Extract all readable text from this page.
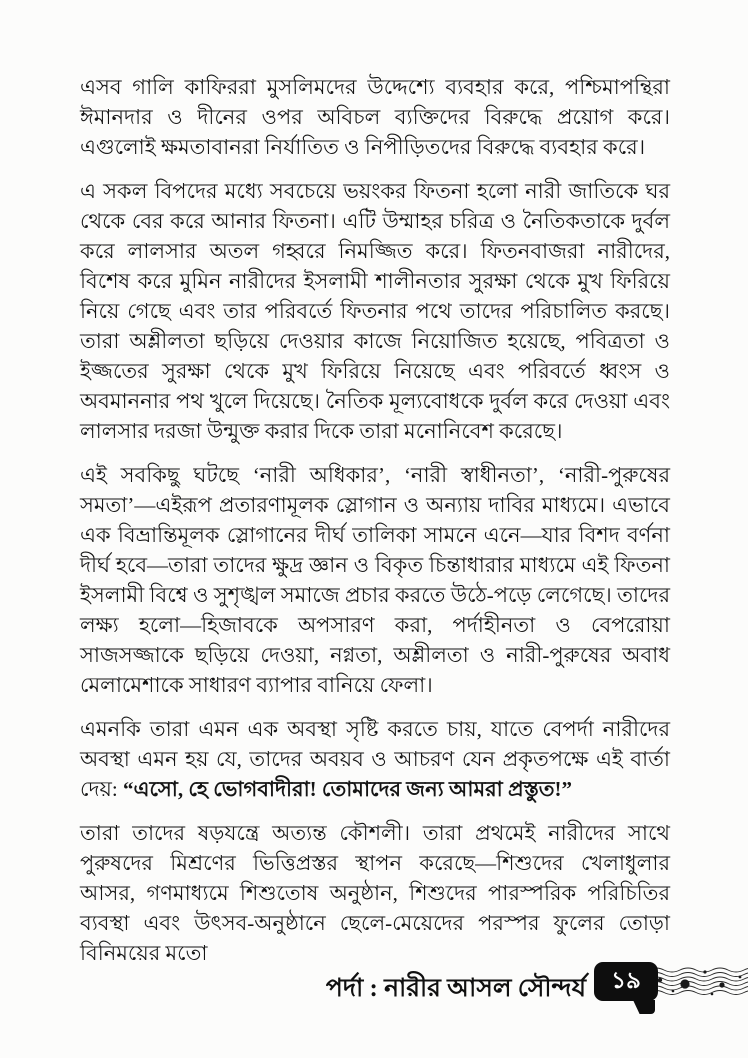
এসব গালি কাফিররা মুসলিমদের উদ্দেশ্যে ব্যবহার করে, পশ্চিমাপন্থিরা ঈমানদার ও দীনের ওপর অবিচল ব্যক্তিদের বিরুদ্ধে প্রয়োগ করে। এগুলোই ক্ষমতাবানরা নির্যাতিত ও নিপীড়িতদের বিরুদ্ধে ব্যবহার করে।

এ সকল বিপদের মধ্যে সবচেয়ে ভয়ংকর ফিতনা হলো নারী জাতিকে ঘর থেকে বের করে আনার ফিতনা। এটি উম্মাহর চরিত্র ও নৈতিকতাকে দুর্বল করে লালসার অতল গহ্বরে নিমজ্জিত করে। ফিতনবাজরা নারীদের, বিশেষ করে মুমিন নারীদের ইসলামী শালীনতার সুরক্ষা থেকে মুখ ফিরিয়ে নিয়ে গেছে এবং তার পরিবর্তে ফিতনার পথে তাদের পরিচালিত করছে। তারা অশ্লীলতা ছড়িয়ে দেওয়ার কাজে নিয়োজিত হয়েছে, পবিত্রতা ও ইজ্জতের সুরক্ষা থেকে মুখ ফিরিয়ে নিয়েছে এবং পরিবর্তে ধ্বংস ও অবমাননার পথ খুলে দিয়েছে। নৈতিক মূল্যবোধকে দুর্বল করে দেওয়া এবং লালসার দরজা উন্মুক্ত করার দিকে তারা মনোনিবেশ করেছে।

এই সবকিছু ঘটছে ‘নারী অধিকার’, ‘নারী স্বাধীনতা’, ‘নারী-পুরুষের সমতা’—এইরূপ প্রতারণামূলক স্লোগান ও অন্যায় দাবির মাধ্যমে। এভাবে এক বিভ্রান্তিমূলক স্লোগানের দীর্ঘ তালিকা সামনে এনে—যার বিশদ বর্ণনা দীর্ঘ হবে—তারা তাদের ক্ষুদ্র জ্ঞান ও বিকৃত চিন্তাধারার মাধ্যমে এই ফিতনা ইসলামী বিশ্বে ও সুশৃঙ্খল সমাজে প্রচার করতে উঠে-পড়ে লেগেছে। তাদের লক্ষ্য হলো—হিজাবকে অপসারণ করা, পর্দাহীনতা ও বেপরোয়া সাজসজ্জাকে ছড়িয়ে দেওয়া, নগ্নতা, অশ্লীলতা ও নারী-পুরুষের অবাধ মেলামেশাকে সাধারণ ব্যাপার বানিয়ে ফেলা।

এমনকি তারা এমন এক অবস্থা সৃষ্টি করতে চায়, যাতে বেপর্দা নারীদের অবস্থা এমন হয় যে, তাদের অবয়ব ও আচরণ যেন প্রকৃতপক্ষে এই বার্তা দেয়: “এসো, হে ভোগবাদীরা! তোমাদের জন্য আমরা প্রস্তুত!”

তারা তাদের ষড়যন্ত্রে অত্যন্ত কৌশলী। তারা প্রথমেই নারীদের সাথে পুরুষদের মিশ্রণের ভিত্তিপ্রস্তর স্থাপন করেছে—শিশুদের খেলাধুলার আসর, গণমাধ্যমে শিশুতোষ অনুষ্ঠান, শিশুদের পারস্পরিক পরিচিতির ব্যবস্থা এবং উৎসব-অনুষ্ঠানে ছেলে-মেয়েদের পরস্পর ফুলের তোড়া বিনিময়ের মতো

পর্দা : নারীর আসল সৌন্দর্য ১৯
